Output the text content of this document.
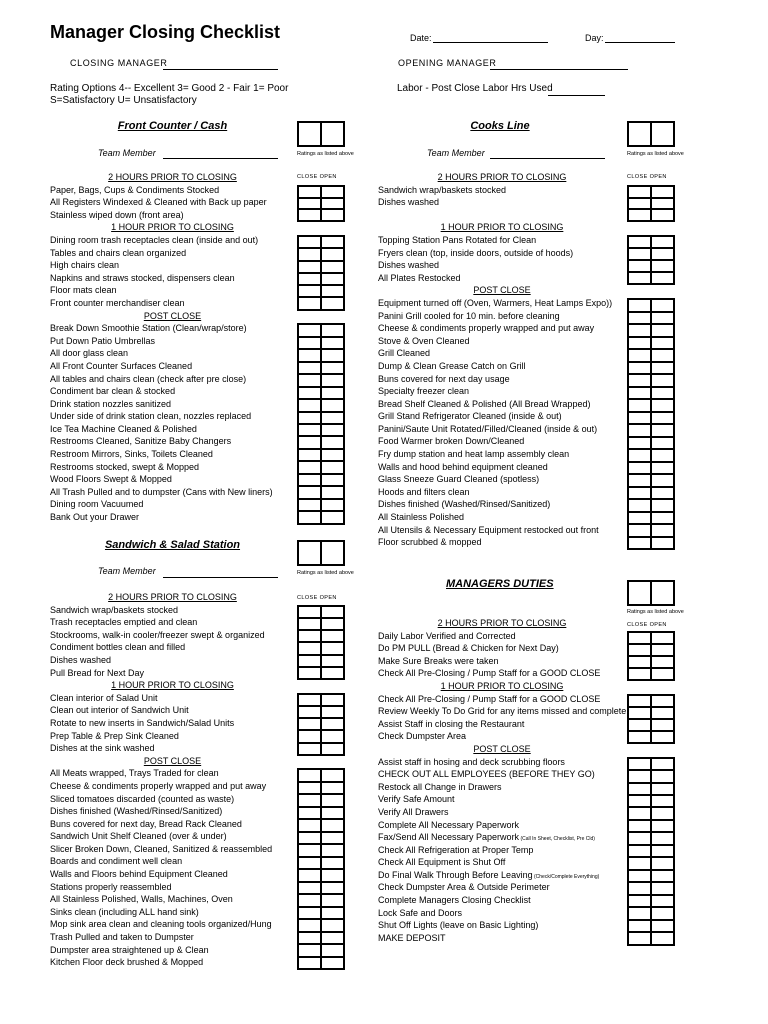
Manager Closing Checklist	Date:	Day:
CLOSING MANAGER	OPENING MANAGER
Rating Options 4-- Excellent 3= Good 2 - Fair 1= Poor
S=Satisfactory U= Unsatisfactory
Labor - Post Close Labor Hrs Used
Front Counter / Cash
Team Member	Ratings as listed above
CLOSE OPEN
2 HOURS PRIOR TO CLOSING
Paper, Bags, Cups & Condiments Stocked
All Registers Windexed & Cleaned with Back up paper
Stainless wiped down (front area)
1 HOUR PRIOR TO CLOSING
Dining room trash receptacles clean (inside and out)
Tables and chairs clean organized
High chairs clean
Napkins and straws stocked, dispensers clean
Floor mats clean
Front counter merchandiser clean
POST CLOSE
Break Down Smoothie Station (Clean/wrap/store)
Put Down Patio Umbrellas
All door glass clean
All Front Counter Surfaces Cleaned
All tables and chairs clean (check after pre close)
Condiment bar clean & stocked
Drink station nozzles sanitized
Under side of drink station clean, nozzles replaced
Ice Tea Machine Cleaned & Polished
Restrooms Cleaned, Sanitize Baby Changers
Restroom Mirrors, Sinks, Toilets Cleaned
Restrooms stocked, swept & Mopped
Wood Floors Swept & Mopped
All Trash Pulled and to dumpster (Cans with New liners)
Dining room Vacuumed
Bank Out your Drawer
Sandwich & Salad Station
Team Member	Ratings as listed above
CLOSE OPEN
2 HOURS PRIOR TO CLOSING
Sandwich wrap/baskets stocked
Trash receptacles emptied and clean
Stockrooms, walk-in cooler/freezer swept & organized
Condiment bottles clean and filled
Dishes washed
Pull Bread for Next Day
1 HOUR PRIOR TO CLOSING
Clean interior of Salad Unit
Clean out interior of Sandwich Unit
Rotate to new inserts in Sandwich/Salad Units
Prep Table & Prep Sink Cleaned
Dishes at the sink washed
POST CLOSE
All Meats wrapped, Trays Traded for clean
Cheese & condiments properly wrapped and put away
Sliced tomatoes discarded (counted as waste)
Dishes finished (Washed/Rinsed/Sanitized)
Buns covered for next day, Bread Rack Cleaned
Sandwich Unit Shelf Cleaned (over & under)
Slicer Broken Down, Cleaned, Sanitized & reassembled
Boards and condiment well clean
Walls and Floors behind Equipment Cleaned
Stations properly reassembled
All Stainless Polished, Walls, Machines, Oven
Sinks clean (including ALL hand sink)
Mop sink area clean and cleaning tools organized/Hung
Trash Pulled and taken to Dumpster
Dumpster area straightened up & Clean
Kitchen Floor deck brushed & Mopped
Cooks Line
Team Member	Ratings as listed above
CLOSE OPEN
2 HOURS PRIOR TO CLOSING
Sandwich wrap/baskets stocked
Dishes washed
1 HOUR PRIOR TO CLOSING
Topping Station Pans Rotated for Clean
Fryers clean (top, inside doors, outside of hoods)
Dishes washed
All Plates Restocked
POST CLOSE
Equipment turned off (Oven, Warmers, Heat Lamps Expo))
Panini Grill cooled for 10 min. before cleaning
Cheese & condiments properly wrapped and put away
Stove & Oven Cleaned
Grill Cleaned
Dump & Clean Grease Catch on Grill
Buns covered for next day usage
Specialty freezer clean
Bread Shelf Cleaned & Polished (All Bread Wrapped)
Grill Stand Refrigerator Cleaned (inside & out)
Panini/Saute Unit Rotated/Filled/Cleaned (inside & out)
Food Warmer broken Down/Cleaned
Fry dump station and heat lamp assembly clean
Walls and hood behind equipment cleaned
Glass Sneeze Guard Cleaned (spotless)
Hoods and filters clean
Dishes finished (Washed/Rinsed/Sanitized)
All Stainless Polished
All Utensils & Necessary Equipment restocked out front
Floor scrubbed & mopped
MANAGERS DUTIES
Ratings as listed above
CLOSE OPEN
2 HOURS PRIOR TO CLOSING
Daily Labor Verified and Corrected
Do PM PULL (Bread & Chicken for Next Day)
Make Sure Breaks were taken
Check All Pre-Closing / Pump Staff for a GOOD CLOSE
1 HOUR PRIOR TO CLOSING
Check All Pre-Closing / Pump Staff for a GOOD CLOSE
Review Weekly To Do Grid for any items missed and complete
Assist Staff in closing the Restaurant
Check Dumpster Area
POST CLOSE
Assist staff in hosing and deck scrubbing floors
CHECK OUT ALL EMPLOYEES (BEFORE THEY GO)
Restock all Change in Drawers
Verify Safe Amount
Verify All Drawers
Complete All Necessary Paperwork
Fax/Send All Necessary Paperwork (Call In Sheet, Checklist, Pre Cld)
Check All Refrigeration at Proper Temp
Check All Equipment is Shut Off
Do Final Walk Through Before Leaving (Check/Complete Everything)
Check Dumpster Area & Outside Perimeter
Complete Managers Closing Checklist
Lock Safe and Doors
Shut Off Lights (leave on Basic Lighting)
MAKE DEPOSIT
